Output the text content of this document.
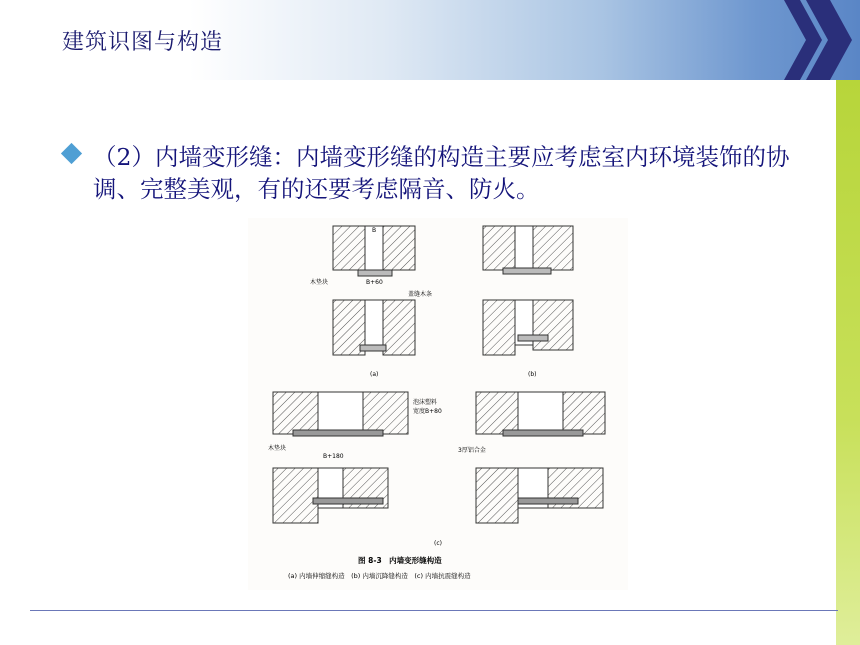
建筑识图与构造
（2）内墙变形缝：内墙变形缝的构造主要应考虑室内环境装饰的协调、完整美观，有的还要考虑隔音、防火。
B
木垫块	B+60
盖缝木条
(a)	(b)
泡沫塑料
宽度B+80
木垫块
B+180
3厚铝合金
(c)
图 8-3　内墙变形缝构造
(a) 内墙伸缩缝构造　(b) 内墙沉降缝构造　(c) 内墙抗震缝构造
